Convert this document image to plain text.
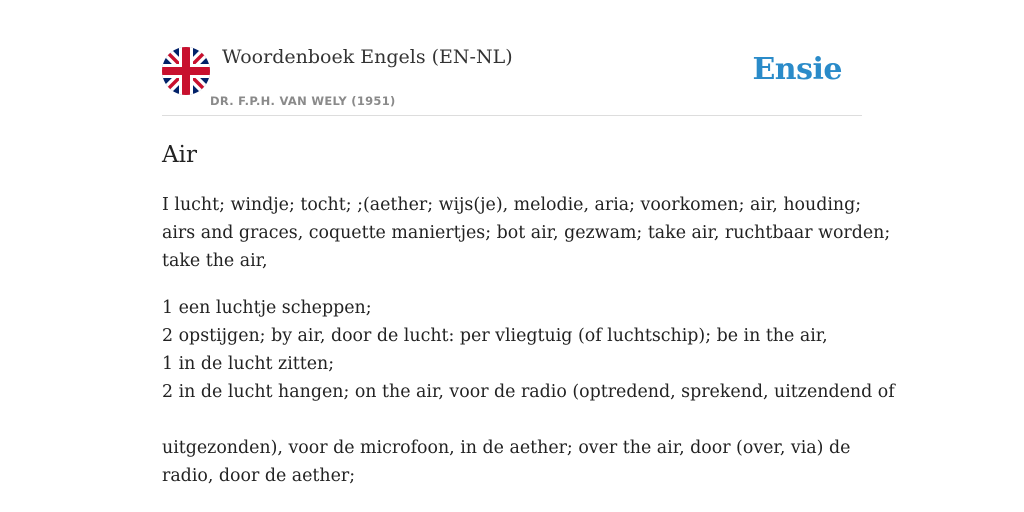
Woordenboek Engels (EN-NL)
DR. F.P.H. VAN WELY (1951)
Ensie
Air
I lucht; windje; tocht; ;(aether; wijs(je), melodie, aria; voorkomen; air, houding;
airs and graces, coquette maniertjes; bot air, gezwam; take air, ruchtbaar worden;
take the air,
1 een luchtje scheppen;
2 opstijgen; by air, door de lucht: per vliegtuig (of luchtschip); be in the air,
1 in de lucht zitten;
2 in de lucht hangen; on the air, voor de radio (optredend, sprekend, uitzendend of
uitgezonden), voor de microfoon, in de aether; over the air, door (over, via) de
radio, door de aether;
